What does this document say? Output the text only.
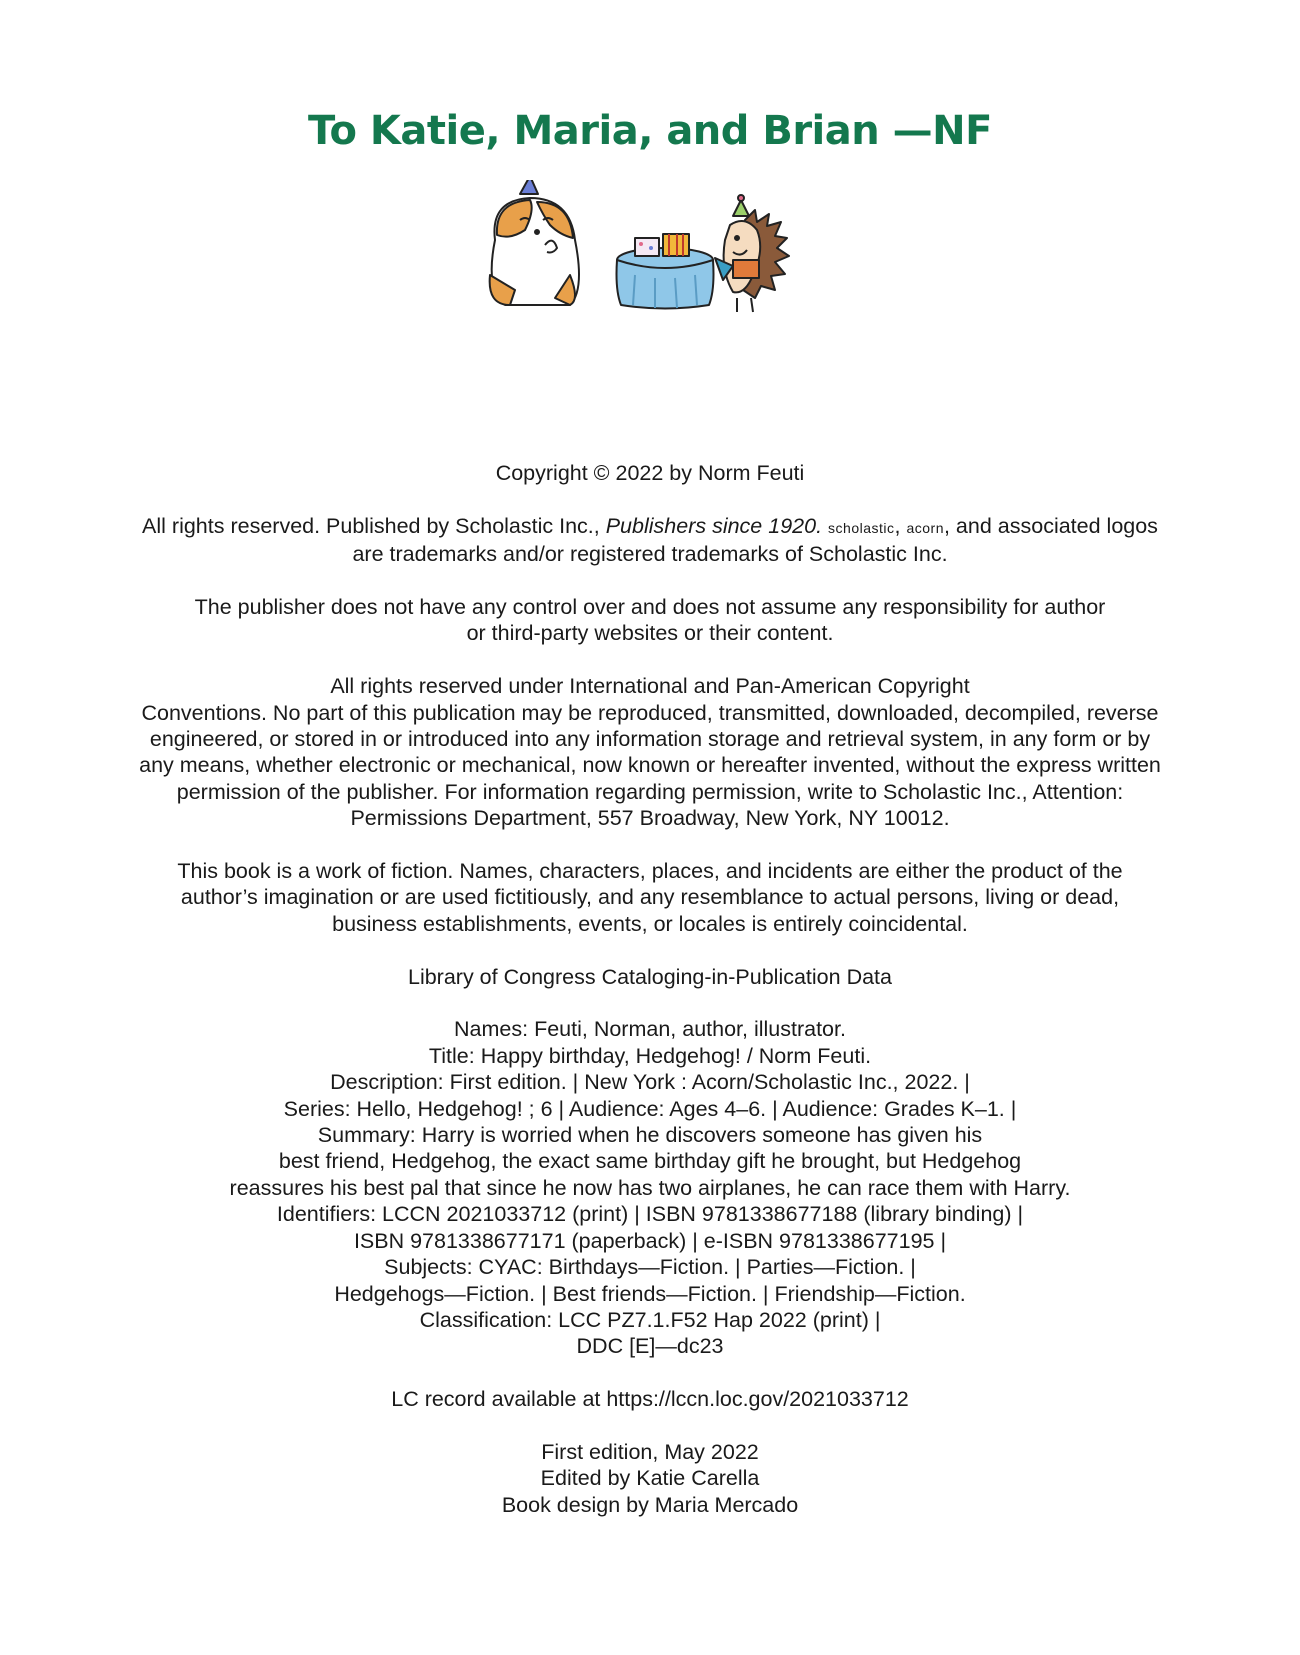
To Katie, Maria, and Brian —NF

Copyright © 2022 by Norm Feuti

All rights reserved. Published by Scholastic Inc., Publishers since 1920. scholastic, acorn, and associated logos
are trademarks and/or registered trademarks of Scholastic Inc.

The publisher does not have any control over and does not assume any responsibility for author
or third-party websites or their content.

All rights reserved under International and Pan-American Copyright
Conventions. No part of this publication may be reproduced, transmitted, downloaded, decompiled, reverse
engineered, or stored in or introduced into any information storage and retrieval system, in any form or by
any means, whether electronic or mechanical, now known or hereafter invented, without the express written
permission of the publisher. For information regarding permission, write to Scholastic Inc., Attention:
Permissions Department, 557 Broadway, New York, NY 10012.

This book is a work of fiction. Names, characters, places, and incidents are either the product of the
author’s imagination or are used fictitiously, and any resemblance to actual persons, living or dead,
business establishments, events, or locales is entirely coincidental.

Library of Congress Cataloging-in-Publication Data

Names: Feuti, Norman, author, illustrator.
Title: Happy birthday, Hedgehog! / Norm Feuti.
Description: First edition. | New York : Acorn/Scholastic Inc., 2022. |
Series: Hello, Hedgehog! ; 6 | Audience: Ages 4–6. | Audience: Grades K–1. |
Summary: Harry is worried when he discovers someone has given his
best friend, Hedgehog, the exact same birthday gift he brought, but Hedgehog
reassures his best pal that since he now has two airplanes, he can race them with Harry.
Identifiers: LCCN 2021033712 (print) | ISBN 9781338677188 (library binding) |
ISBN 9781338677171 (paperback) | e-ISBN 9781338677195 |
Subjects: CYAC: Birthdays—Fiction. | Parties—Fiction. |
Hedgehogs—Fiction. | Best friends—Fiction. | Friendship—Fiction.
Classification: LCC PZ7.1.F52 Hap 2022 (print) |
DDC [E]—dc23

LC record available at https://lccn.loc.gov/2021033712

First edition, May 2022
Edited by Katie Carella
Book design by Maria Mercado
